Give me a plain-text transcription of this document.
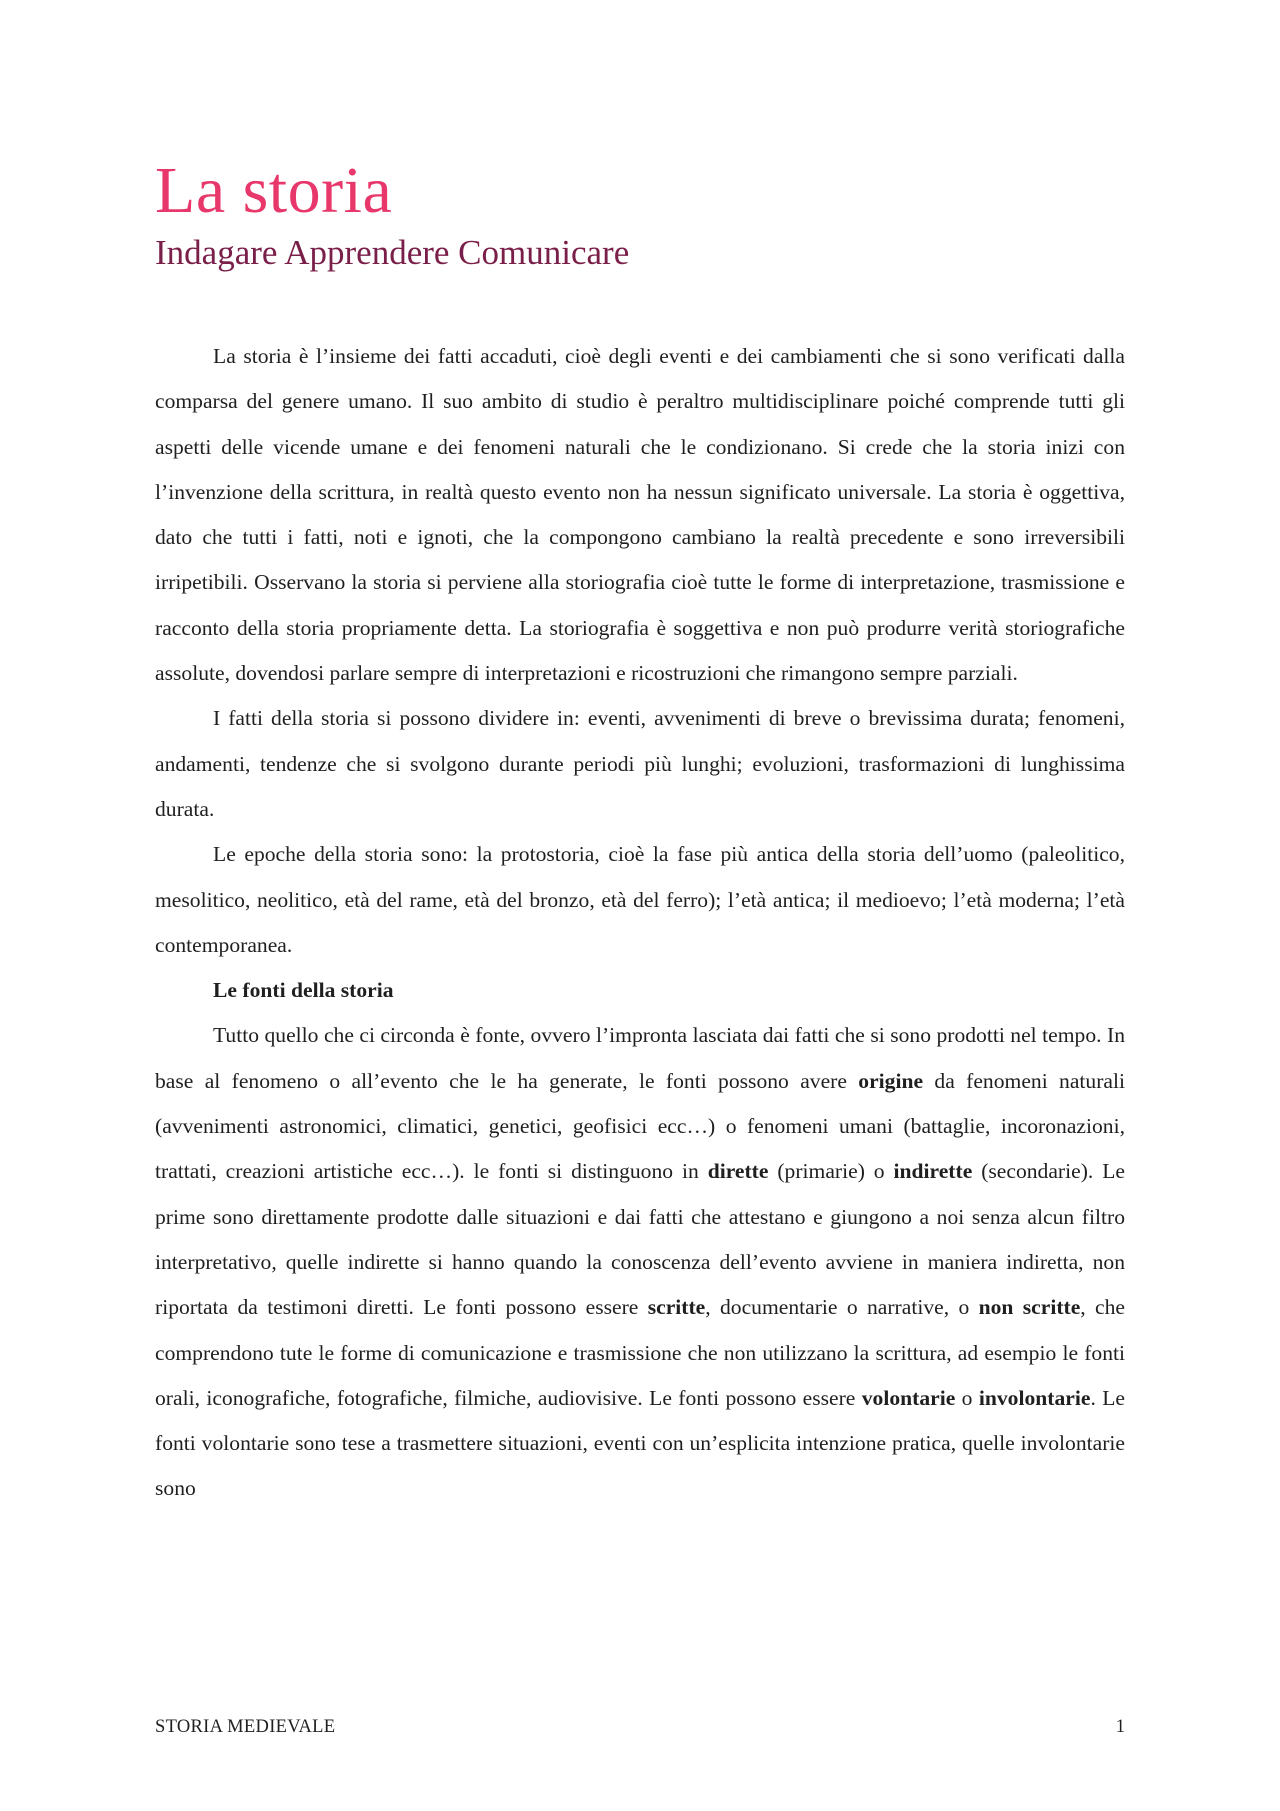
La storia
Indagare Apprendere Comunicare

La storia è l’insieme dei fatti accaduti, cioè degli eventi e dei cambiamenti che si sono verificati dalla comparsa del genere umano. Il suo ambito di studio è peraltro multidisciplinare poiché comprende tutti gli aspetti delle vicende umane e dei fenomeni naturali che le condizionano. Si crede che la storia inizi con l’invenzione della scrittura, in realtà questo evento non ha nessun significato universale. La storia è oggettiva, dato che tutti i fatti, noti e ignoti, che la compongono cambiano la realtà precedente e sono irreversibili irripetibili. Osservano la storia si perviene alla storiografia cioè tutte le forme di interpretazione, trasmissione e racconto della storia propriamente detta. La storiografia è soggettiva e non può produrre verità storiografiche assolute, dovendosi parlare sempre di interpretazioni e ricostruzioni che rimangono sempre parziali.

I fatti della storia si possono dividere in: eventi, avvenimenti di breve o brevissima durata; fenomeni, andamenti, tendenze che si svolgono durante periodi più lunghi; evoluzioni, trasformazioni di lunghissima durata.

Le epoche della storia sono: la protostoria, cioè la fase più antica della storia dell’uomo (paleolitico, mesolitico, neolitico, età del rame, età del bronzo, età del ferro); l’età antica; il medioevo; l’età moderna; l’età contemporanea.

Le fonti della storia

Tutto quello che ci circonda è fonte, ovvero l’impronta lasciata dai fatti che si sono prodotti nel tempo. In base al fenomeno o all’evento che le ha generate, le fonti possono avere origine da fenomeni naturali (avvenimenti astronomici, climatici, genetici, geofisici ecc…) o fenomeni umani (battaglie, incoronazioni, trattati, creazioni artistiche ecc…). le fonti si distinguono in dirette (primarie) o indirette (secondarie). Le prime sono direttamente prodotte dalle situazioni e dai fatti che attestano e giungono a noi senza alcun filtro interpretativo, quelle indirette si hanno quando la conoscenza dell’evento avviene in maniera indiretta, non riportata da testimoni diretti. Le fonti possono essere scritte, documentarie o narrative, o non scritte, che comprendono tute le forme di comunicazione e trasmissione che non utilizzano la scrittura, ad esempio le fonti orali, iconografiche, fotografiche, filmiche, audiovisive. Le fonti possono essere volontarie o involontarie. Le fonti volontarie sono tese a trasmettere situazioni, eventi con un’esplicita intenzione pratica, quelle involontarie sono

STORIA MEDIEVALE	1
